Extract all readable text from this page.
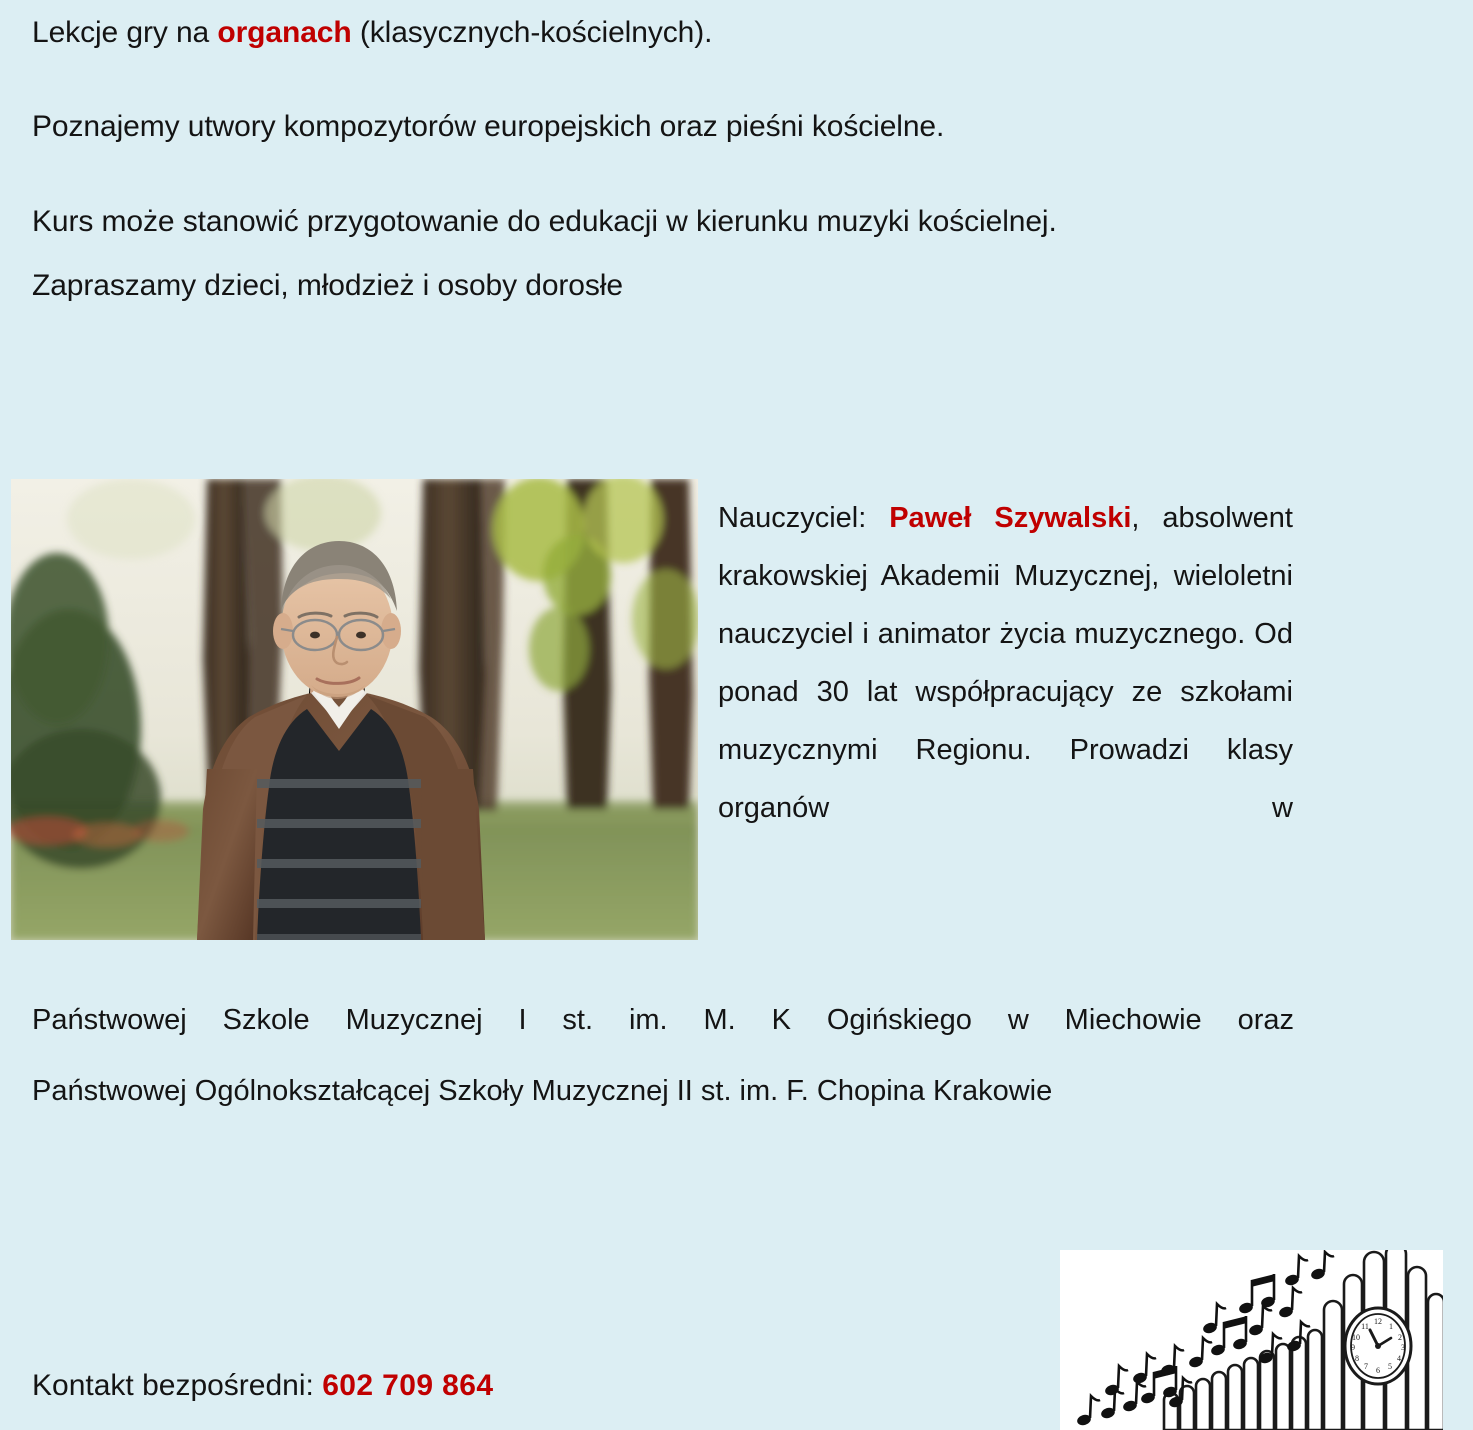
Lekcje gry na organach (klasycznych-kościelnych).

Poznajemy utwory kompozytorów europejskich oraz pieśni kościelne.

Kurs może stanowić przygotowanie do edukacji w kierunku muzyki kościelnej.

Zapraszamy dzieci, młodzież i osoby dorosłe

Nauczyciel: Paweł Szywalski, absolwent krakowskiej Akademii Muzycznej, wieloletni nauczyciel i animator życia muzycznego. Od ponad 30 lat współpracujący ze szkołami muzycznymi Regionu. Prowadzi klasy organów w

Państwowej Szkole Muzycznej I st. im. M. K Ogińskiego w Miechowie oraz

Państwowej Ogólnokształcącej Szkoły Muzycznej II st. im. F. Chopina Krakowie

Kontakt bezpośredni: 602 709 864
12
1
2
3
4
5
6
7
8
9
10
11
